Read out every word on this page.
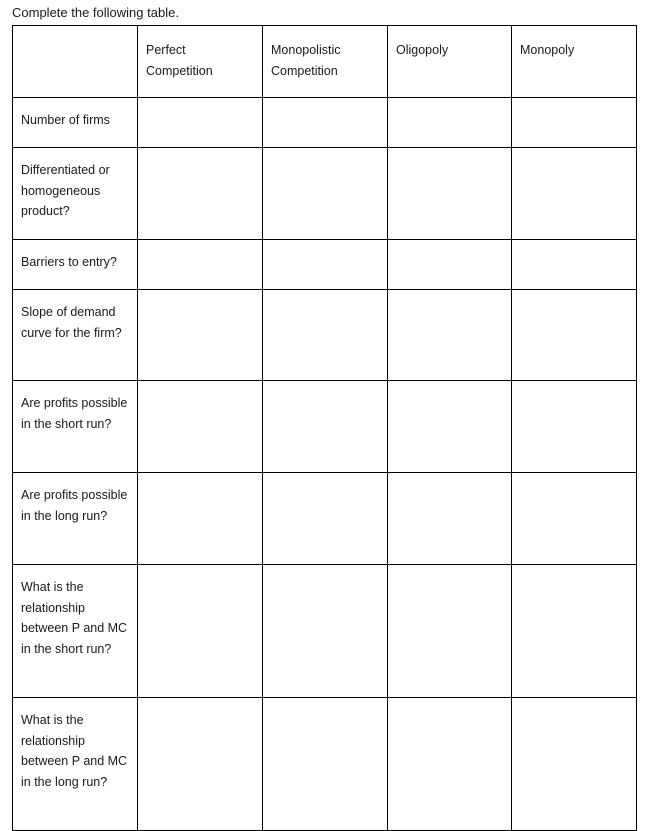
Complete the following table.
	Perfect Competition	Monopolistic Competition	Oligopoly	Monopoly
Number of firms				
Differentiated or homogeneous product?				
Barriers to entry?				
Slope of demand curve for the firm?				
Are profits possible in the short run?				
Are profits possible in the long run?				
What is the relationship between P and MC in the short run?				
What is the relationship between P and MC in the long run?				
